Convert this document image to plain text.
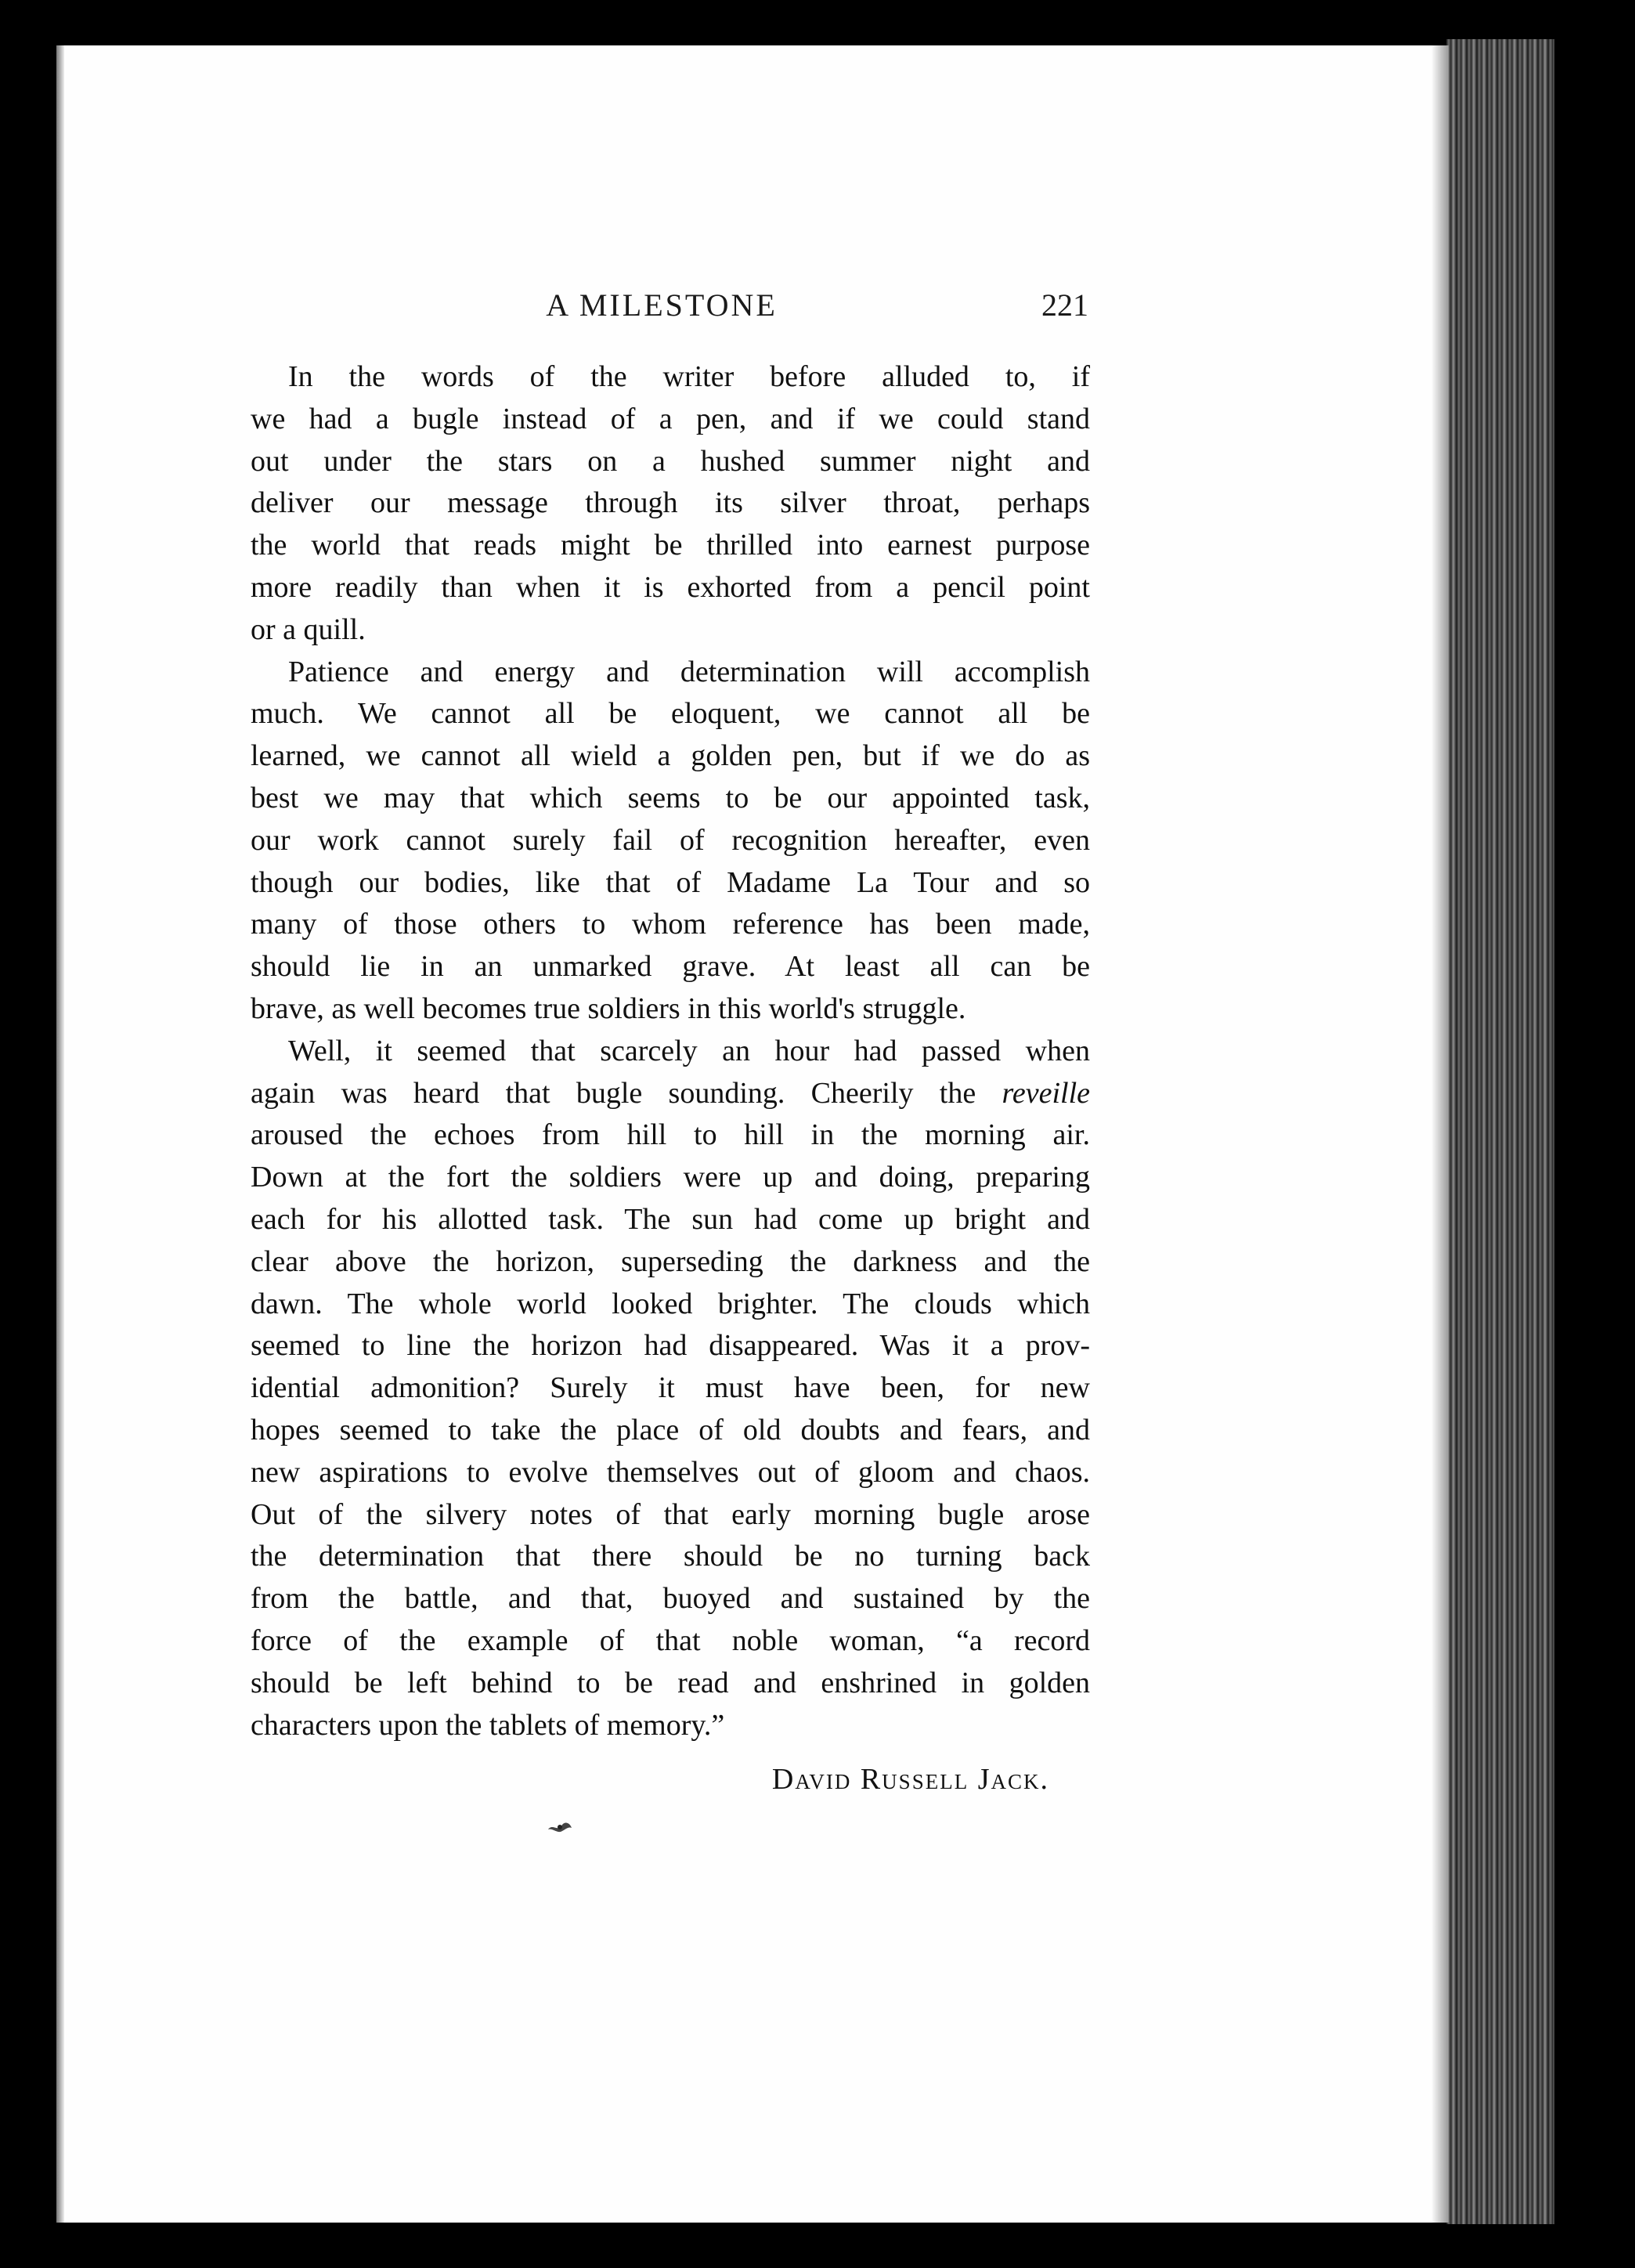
A MILESTONE	221
In the words of the writer before alluded to, if
we had a bugle instead of a pen, and if we could stand
out under the stars on a hushed summer night and
deliver our message through its silver throat, perhaps
the world that reads might be thrilled into earnest purpose
more readily than when it is exhorted from a pencil point
or a quill.
Patience and energy and determination will accomplish
much. We cannot all be eloquent, we cannot all be
learned, we cannot all wield a golden pen, but if we do as
best we may that which seems to be our appointed task,
our work cannot surely fail of recognition hereafter, even
though our bodies, like that of Madame La Tour and so
many of those others to whom reference has been made,
should lie in an unmarked grave. At least all can be
brave, as well becomes true soldiers in this world's struggle.
Well, it seemed that scarcely an hour had passed when
again was heard that bugle sounding. Cheerily the reveille
aroused the echoes from hill to hill in the morning air.
Down at the fort the soldiers were up and doing, preparing
each for his allotted task. The sun had come up bright and
clear above the horizon, superseding the darkness and the
dawn. The whole world looked brighter. The clouds which
seemed to line the horizon had disappeared. Was it a prov-
idential admonition? Surely it must have been, for new
hopes seemed to take the place of old doubts and fears, and
new aspirations to evolve themselves out of gloom and chaos.
Out of the silvery notes of that early morning bugle arose
the determination that there should be no turning back
from the battle, and that, buoyed and sustained by the
force of the example of that noble woman, “a record
should be left behind to be read and enshrined in golden
characters upon the tablets of memory.”
David Russell Jack.
